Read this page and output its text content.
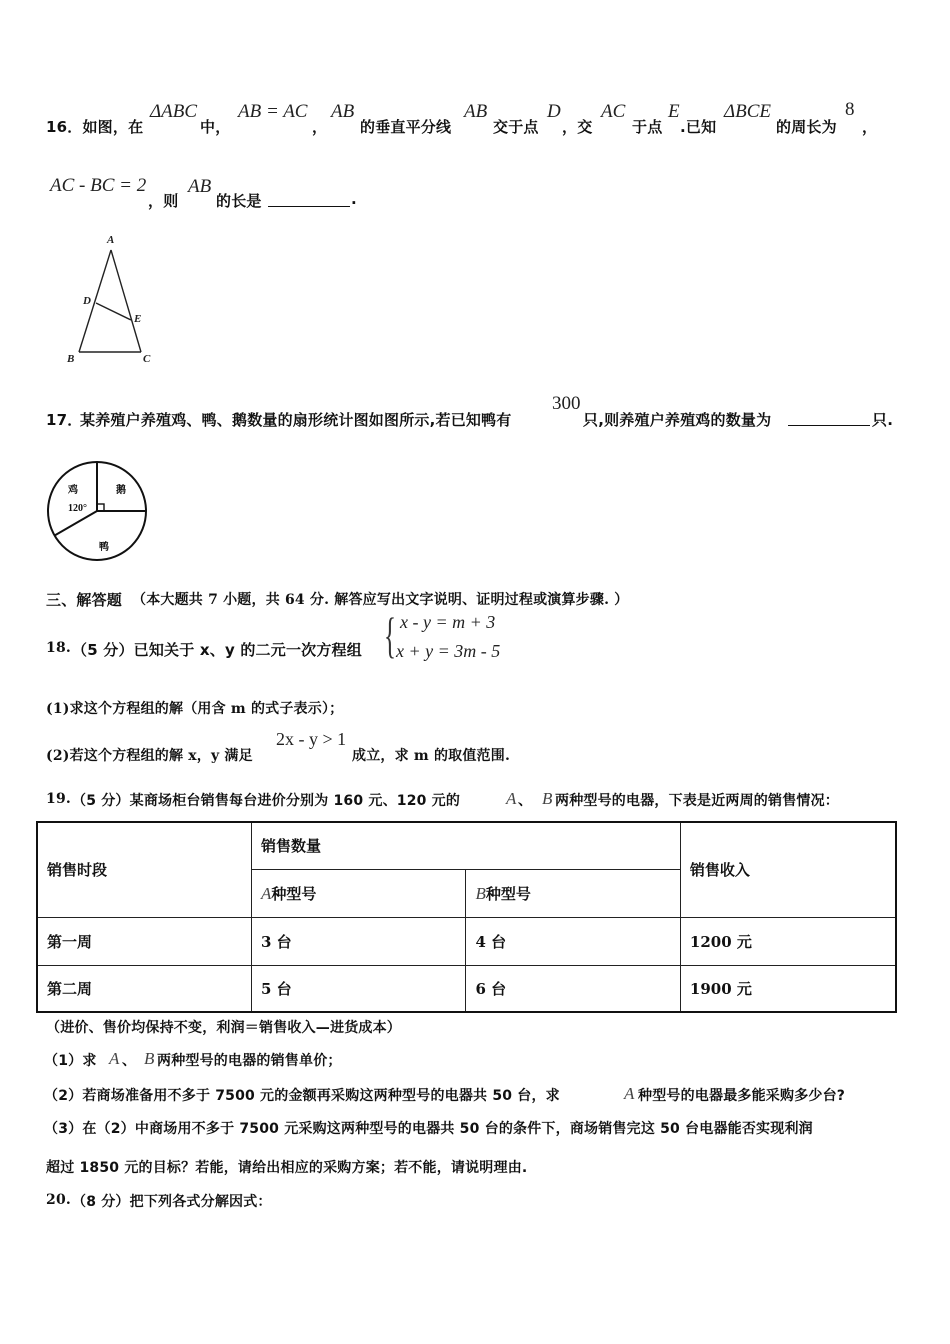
16．如图，在
ΔABC
中，
AB = AC
，
AB
的垂直平分线
AB
交于点
D
，交
AC
于点
E
.已知
ΔBCE
的周长为
8
，
AC - BC = 2
，则
AB
的长是	.
A
D
E
B	C
17．
某养殖户养殖鸡、鸭、鹅数量的扇形统计图如图所示,若已知鸭有
300
只,则养殖户养殖鸡的数量为	只.
鸡	鹅
鸭
120°
三、解答题 （本大题共 7 小题，共 64 分. 解答应写出文字说明、证明过程或演算步骤. ）
18. （5 分）已知关于 x、y 的二元一次方程组 { x - y = m + 3
x + y = 3m - 5
(1)求这个方程组的解（用含 m 的式子表示）；
(2)若这个方程组的解 x，y 满足
2x - y > 1
成立，求 m 的取值范围.
19. （5 分）某商场柜台销售每台进价分别为 160 元、120 元的	A 、 B 两种型号的电器，下表是近两周的销售情况：
销售时段	销售数量		销售收入
	A种型号	B种型号	
第一周	3 台	4 台	1200 元
第二周	5 台	6 台	1900 元
（进价、售价均保持不变，利润＝销售收入—进货成本）
（1）求 A 、 B 两种型号的电器的销售单价；
（2）若商场准备用不多于 7500 元的金额再采购这两种型号的电器共 50 台，求	A 种型号的电器最多能采购多少台?
（3）在（2）中商场用不多于 7500 元采购这两种型号的电器共 50 台的条件下，商场销售完这 50 台电器能否实现利润
超过 1850 元的目标？若能，请给出相应的采购方案；若不能，请说明理由.
20. （8 分）把下列各式分解因式：
